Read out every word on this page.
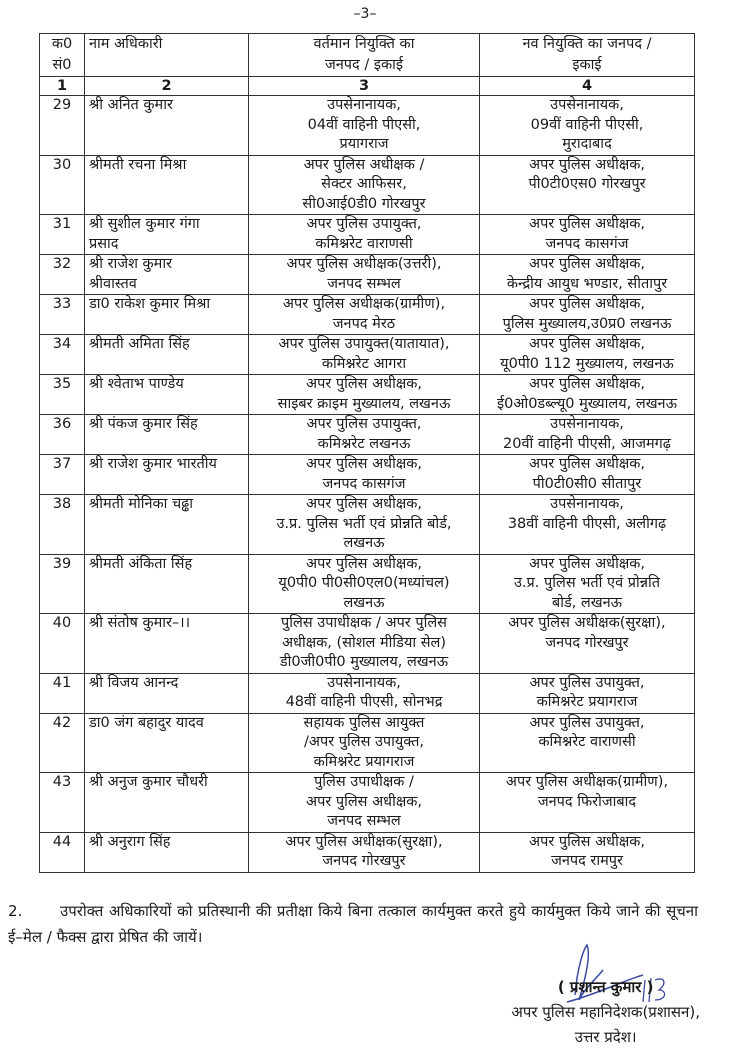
–3–
क0
सं0	नाम अधिकारी	वर्तमान नियुक्ति का
जनपद / इकाई	नव नियुक्ति का जनपद /
इकाई

1	2	3	4
29	श्री अनित कुमार	उपसेनानायक,
04वीं वाहिनी पीएसी,
प्रयागराज	उपसेनानायक,
09वीं वाहिनी पीएसी,
मुरादाबाद

30	श्रीमती रचना मिश्रा	अपर पुलिस अधीक्षक /
सेक्टर आफिसर,
सी0आई0डी0 गोरखपुर	अपर पुलिस अधीक्षक,
पी0टी0एस0 गोरखपुर

31	श्री सुशील कुमार गंगा
प्रसाद	अपर पुलिस उपायुक्त,
कमिश्नरेट वाराणसी	अपर पुलिस अधीक्षक,
जनपद कासगंज

32	श्री राजेश कुमार
श्रीवास्तव	अपर पुलिस अधीक्षक(उत्तरी),
जनपद सम्भल	अपर पुलिस अधीक्षक,
केन्द्रीय आयुध भण्डार, सीतापुर

33	डा0 राकेश कुमार मिश्रा	अपर पुलिस अधीक्षक(ग्रामीण),
जनपद मेरठ	अपर पुलिस अधीक्षक,
पुलिस मुख्यालय,उ0प्र0 लखनऊ

34	श्रीमती अमिता सिंह	अपर पुलिस उपायुक्त(यातायात),
कमिश्नरेट आगरा	अपर पुलिस अधीक्षक,
यू0पी0 112 मुख्यालय, लखनऊ

35	श्री श्वेताभ पाण्डेय	अपर पुलिस अधीक्षक,
साइबर क्राइम मुख्यालय, लखनऊ	अपर पुलिस अधीक्षक,
ई0ओ0डब्ल्यू0 मुख्यालय, लखनऊ

36	श्री पंकज कुमार सिंह	अपर पुलिस उपायुक्त,
कमिश्नरेट लखनऊ	उपसेनानायक,
20वीं वाहिनी पीएसी, आजमगढ़

37	श्री राजेश कुमार भारतीय	अपर पुलिस अधीक्षक,
जनपद कासगंज	अपर पुलिस अधीक्षक,
पी0टी0सी0 सीतापुर

38	श्रीमती मोनिका चढ्ढा	अपर पुलिस अधीक्षक,
उ.प्र. पुलिस भर्ती एवं प्रोन्नति बोर्ड,
लखनऊ	उपसेनानायक,
38वीं वाहिनी पीएसी, अलीगढ़

39	श्रीमती अंकिता सिंह	अपर पुलिस अधीक्षक,
यू0पी0 पी0सी0एल0(मध्यांचल)
लखनऊ	अपर पुलिस अधीक्षक,
उ.प्र. पुलिस भर्ती एवं प्रोन्नति
बोर्ड, लखनऊ

40	श्री संतोष कुमार–।।	पुलिस उपाधीक्षक / अपर पुलिस
अधीक्षक, (सोशल मीडिया सेल)
डी0जी0पी0 मुख्यालय, लखनऊ	अपर पुलिस अधीक्षक(सुरक्षा),
जनपद गोरखपुर

41	श्री विजय आनन्द	उपसेनानायक,
48वीं वाहिनी पीएसी, सोनभद्र	अपर पुलिस उपायुक्त,
कमिश्नरेट प्रयागराज

42	डा0 जंग बहादुर यादव	सहायक पुलिस आयुक्त
/अपर पुलिस उपायुक्त,
कमिश्नरेट प्रयागराज	अपर पुलिस उपायुक्त,
कमिश्नरेट वाराणसी

43	श्री अनुज कुमार चौधरी	पुलिस उपाधीक्षक /
अपर पुलिस अधीक्षक,
जनपद सम्भल	अपर पुलिस अधीक्षक(ग्रामीण),
जनपद फिरोजाबाद

44	श्री अनुराग सिंह	अपर पुलिस अधीक्षक(सुरक्षा),
जनपद गोरखपुर	अपर पुलिस अधीक्षक,
जनपद रामपुर
2.	उपरोक्त अधिकारियों को प्रतिस्थानी की प्रतीक्षा किये बिना तत्काल कार्यमुक्त करते हुये कार्यमुक्त किये जाने की सूचना ई–मेल / फैक्स द्वारा प्रेषित की जायें।
( प्रशान्त कुमार )
अपर पुलिस महानिदेशक(प्रशासन),
उत्तर प्रदेश।
